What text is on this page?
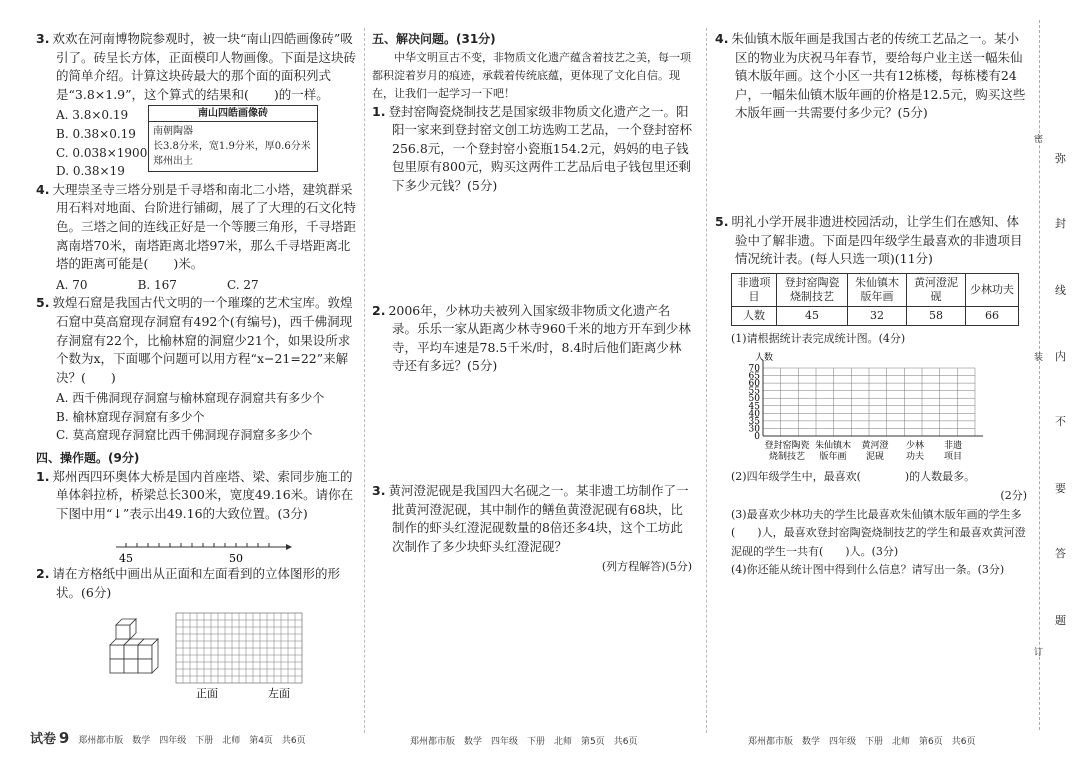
3. 欢欢在河南博物院参观时，被一块“南山四皓画像砖”吸引了。砖呈长方体，正面模印人物画像。下面是这块砖的简单介绍。计算这块砖最大的那个面的面积列式是“3.8×1.9”，这个算式的结果和(　　)的一样。
A. 3.8×0.19
B. 0.38×0.19
C. 0.038×1900
D. 0.38×19
4. 大理崇圣寺三塔分别是千寻塔和南北二小塔，建筑群采用石料对地面、台阶进行铺砌，展了了大理的石文化特色。三塔之间的连线正好是一个等腰三角形，千寻塔距离南塔70米，南塔距离北塔97米，那么千寻塔距离北塔的距离可能是(　　)米。
A. 70	B. 167	C. 27
5. 敦煌石窟是我国古代文明的一个璀璨的艺术宝库。敦煌石窟中莫高窟现存洞窟有492个(有编号)，西千佛洞现存洞窟有22个，比榆林窟的洞窟少21个，如果设所求个数为x，下面哪个问题可以用方程“x−21=22”来解决？(　　)
A. 西千佛洞现存洞窟与榆林窟现存洞窟共有多少个
B. 榆林窟现存洞窟有多少个
C. 莫高窟现存洞窟比西千佛洞现存洞窟多多少个
四、操作题。(9分)
1. 郑州西四环奥体大桥是国内首座塔、梁、索同步施工的单体斜拉桥，桥梁总长300米，宽度49.16米。请你在下图中用“↓”表示出49.16的大致位置。(3分)
45	50
2. 请在方格纸中画出从正面和左面看到的立体图形的形状。(6分)
正面	左面
南山四皓画像砖
南朝陶器
长3.8分米，宽1.9分米，厚0.6分米
郑州出土
五、解决问题。(31分)
中华文明亘古不变，非物质文化遗产蕴含着技艺之美，每一项都积淀着岁月的痕迹，承载着传统底蕴，更体现了文化自信。现在，让我们一起学习一下吧！
1. 登封窑陶瓷烧制技艺是国家级非物质文化遗产之一。阳阳一家来到登封窑文创工坊选购工艺品，一个登封窑杯256.8元，一个登封窑小瓷瓶154.2元，妈妈的电子钱包里原有800元，购买这两件工艺品后电子钱包里还剩下多少元钱？(5分)
2. 2006年，少林功夫被列入国家级非物质文化遗产名录。乐乐一家从距离少林寺960千米的地方开车到少林寺，平均车速是78.5千米/时，8.4时后他们距离少林寺还有多远？(5分)
3. 黄河澄泥砚是我国四大名砚之一。某非遗工坊制作了一批黄河澄泥砚，其中制作的鳝鱼黄澄泥砚有68块，比制作的虾头红澄泥砚数量的8倍还多4块，这个工坊此次制作了多少块虾头红澄泥砚？
(列方程解答)(5分)
4. 朱仙镇木版年画是我国古老的传统工艺品之一。某小区的物业为庆祝马年春节，要给每户业主送一幅朱仙镇木版年画。这个小区一共有12栋楼，每栋楼有24户，一幅朱仙镇木版年画的价格是12.5元，购买这些木版年画一共需要付多少元？(5分)
5. 明礼小学开展非遗进校园活动，让学生们在感知、体验中了解非遗。下面是四年级学生最喜欢的非遗项目情况统计表。(每人只选一项)(11分)
非遗项目	登封窑陶瓷烧制技艺	朱仙镇木版年画	黄河澄泥砚	少林功夫
人数	45	32	58	66
(1)请根据统计表完成统计图。(4分)
人数
70
65
60
55
50
45
40
35
30
0
登封窑陶瓷烧制技艺
朱仙镇木版年画
黄河澄泥砚
少林功夫
非遗项目
(2)四年级学生中，最喜欢(　　　　)的人数最多。
(2分)
(3)最喜欢少林功夫的学生比最喜欢朱仙镇木版年画的学生多(　　)人，最喜欢登封窑陶瓷烧制技艺的学生和最喜欢黄河澄泥砚的学生一共有(　　)人。(3分)
(4)你还能从统计图中得到什么信息？请写出一条。(3分)
弥
封
线
内
不
要
答
题
密
装
订
试卷 9 郑州都市版　数学　四年级　下册　北师　第4页　共6页	郑州都市版　数学　四年级　下册　北师　第5页　共6页	郑州都市版　数学　四年级　下册　北师　第6页　共6页
